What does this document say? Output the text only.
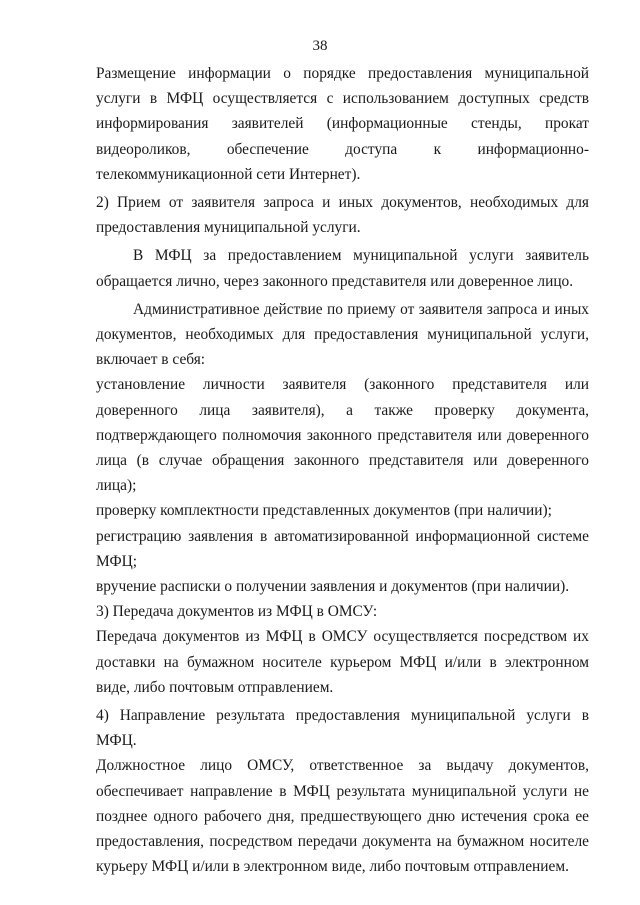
38

Размещение информации о порядке предоставления муниципальной услуги в МФЦ осуществляется с использованием доступных средств информирования заявителей (информационные стенды, прокат видеороликов, обеспечение доступа к информационно-телекоммуникационной сети Интернет).

2) Прием от заявителя запроса и иных документов, необходимых для предоставления муниципальной услуги.

В МФЦ за предоставлением муниципальной услуги заявитель обращается лично, через законного представителя или доверенное лицо.

Административное действие по приему от заявителя запроса и иных документов, необходимых для предоставления муниципальной услуги, включает в себя:

установление личности заявителя (законного представителя или доверенного лица заявителя), а также проверку документа, подтверждающего полномочия законного представителя или доверенного лица (в случае обращения законного представителя или доверенного лица);

проверку комплектности представленных документов (при наличии);

регистрацию заявления в автоматизированной информационной системе МФЦ;

вручение расписки о получении заявления и документов (при наличии).

3) Передача документов из МФЦ в ОМСУ:

Передача документов из МФЦ в ОМСУ осуществляется посредством их доставки на бумажном носителе курьером МФЦ и/или в электронном виде, либо почтовым отправлением.

4) Направление результата предоставления муниципальной услуги в МФЦ.

Должностное лицо ОМСУ, ответственное за выдачу документов, обеспечивает направление в МФЦ результата муниципальной услуги не позднее одного рабочего дня, предшествующего дню истечения срока ее предоставления, посредством передачи документа на бумажном носителе курьеру МФЦ и/или в электронном виде, либо почтовым отправлением.
